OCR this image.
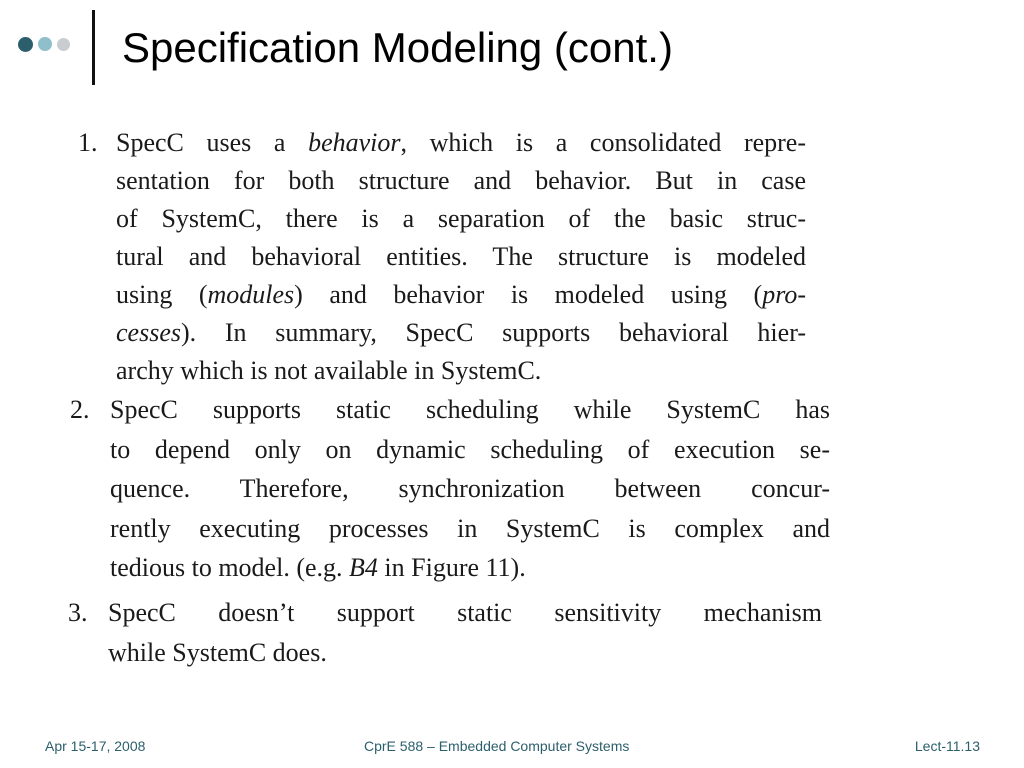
Specification Modeling (cont.)
1. SpecC uses a behavior, which is a consolidated repre-
sentation for both structure and behavior. But in case
of SystemC, there is a separation of the basic struc-
tural and behavioral entities. The structure is modeled
using (modules) and behavior is modeled using (pro-
cesses). In summary, SpecC supports behavioral hier-
archy which is not available in SystemC.
2. SpecC supports static scheduling while SystemC has
to depend only on dynamic scheduling of execution se-
quence. Therefore, synchronization between concur-
rently executing processes in SystemC is complex and
tedious to model. (e.g. B4 in Figure 11).
3. SpecC doesn’t support static sensitivity mechanism
while SystemC does.
Apr 15-17, 2008	CprE 588 – Embedded Computer Systems	Lect-11.13
